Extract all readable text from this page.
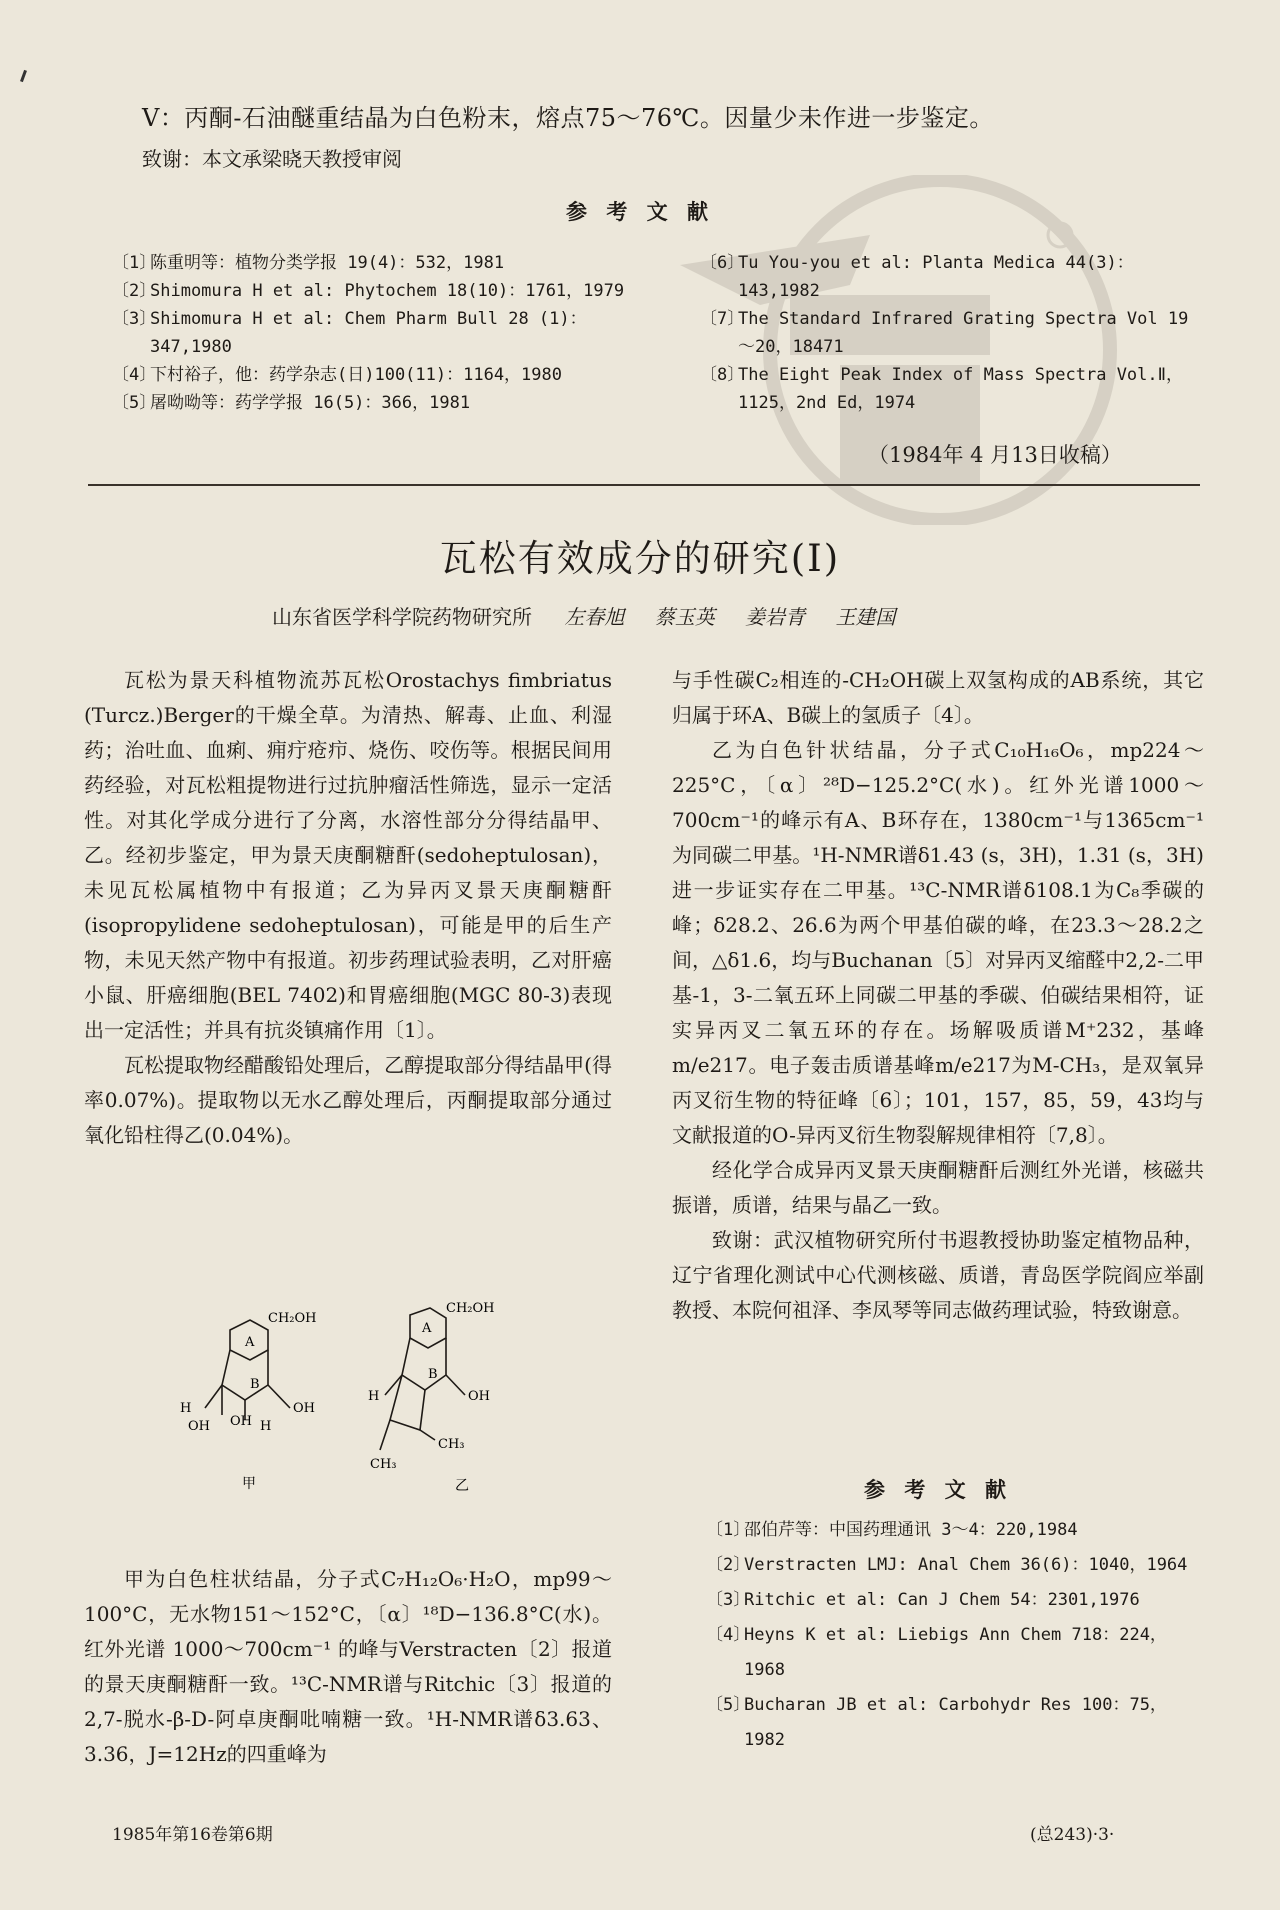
Ⅴ：丙酮-石油醚重结晶为白色粉末，熔点75～76℃。因量少未作进一步鉴定。
致谢：本文承梁晓天教授审阅
参 考 文 献
〔1〕
陈重明等：植物分类学报 19(4)：532，1981
〔2〕
Shimomura H et al: Phytochem 18(10)：1761，1979
〔3〕
Shimomura H et al: Chem Pharm Bull 28 (1)：347,1980
〔4〕
下村裕子，他：药学杂志(日)100(11)：1164，1980
〔5〕
屠呦呦等：药学学报 16(5)：366，1981
〔6〕
Tu You-you et al: Planta Medica 44(3)：143,1982
〔7〕
The Standard Infrared Grating Spectra Vol 19～20，18471
〔8〕
The Eight Peak Index of Mass Spectra Vol.Ⅱ，1125，2nd Ed，1974
（1984年 4 月13日收稿）
瓦松有效成分的研究(Ⅰ)
山东省医学科学院药物研究所 左春旭 蔡玉英 姜岩青 王建国

瓦松为景天科植物流苏瓦松Orostachys fimbriatus (Turcz.)Berger的干燥全草。为清热、解毒、止血、利湿药；治吐血、血痢、痈疔疮疖、烧伤、咬伤等。根据民间用药经验，对瓦松粗提物进行过抗肿瘤活性筛选，显示一定活性。对其化学成分进行了分离，水溶性部分分得结晶甲、乙。经初步鉴定，甲为景天庚酮糖酐(sedoheptulosan)，未见瓦松属植物中有报道；乙为异丙叉景天庚酮糖酐(isopropylidene sedoheptulosan)，可能是甲的后生产物，未见天然产物中有报道。初步药理试验表明，乙对肝癌小鼠、肝癌细胞(BEL 7402)和胃癌细胞(MGC 80-3)表现出一定活性；并具有抗炎镇痛作用〔1〕。

瓦松提取物经醋酸铅处理后，乙醇提取部分得结晶甲(得率0.07%)。提取物以无水乙醇处理后，丙酮提取部分通过氧化铅柱得乙(0.04%)。

A
B
CH₂OH
H	OH
OH OH H
甲
A
B
CH₂OH
H	OH
CH₃
CH₃
乙

甲为白色柱状结晶，分子式C₇H₁₂O₆·H₂O，mp99～100°C，无水物151～152°C，〔α〕¹⁸D−136.8°C(水)。红外光谱 1000～700cm⁻¹ 的峰与Verstracten〔2〕报道的景天庚酮糖酐一致。¹³C-NMR谱与Ritchic〔3〕报道的2,7-脱水-β-D-阿卓庚酮吡喃糖一致。¹H-NMR谱δ3.63、3.36，J=12Hz的四重峰为

与手性碳C₂相连的-CH₂OH碳上双氢构成的AB系统，其它归属于环A、B碳上的氢质子〔4〕。

乙为白色针状结晶，分子式C₁₀H₁₆O₆，mp224～225°C，〔α〕²⁸D−125.2°C(水)。红外光谱1000～700cm⁻¹的峰示有A、B环存在，1380cm⁻¹与1365cm⁻¹为同碳二甲基。¹H-NMR谱δ1.43 (s，3H)，1.31 (s，3H)进一步证实存在二甲基。¹³C-NMR谱δ108.1为C₈季碳的峰；δ28.2、26.6为两个甲基伯碳的峰，在23.3～28.2之间，△δ1.6，均与Buchanan〔5〕对异丙叉缩醛中2,2-二甲基-1，3-二氧五环上同碳二甲基的季碳、伯碳结果相符，证实异丙叉二氧五环的存在。场解吸质谱M⁺232，基峰m/e217。电子轰击质谱基峰m/e217为M-CH₃，是双氧异丙叉衍生物的特征峰〔6〕；101，157，85，59，43均与文献报道的O-异丙叉衍生物裂解规律相符〔7,8〕。

经化学合成异丙叉景天庚酮糖酐后测红外光谱，核磁共振谱，质谱，结果与晶乙一致。

致谢：武汉植物研究所付书遐教授协助鉴定植物品种，辽宁省理化测试中心代测核磁、质谱，青岛医学院阎应举副教授、本院何祖泽、李凤琴等同志做药理试验，特致谢意。

参 考 文 献
〔1〕
邵伯芹等：中国药理通讯 3～4：220,1984
〔2〕
Verstracten LMJ: Anal Chem 36(6)：1040，1964
〔3〕
Ritchic et al: Can J Chem 54：2301,1976
〔4〕
Heyns K et al: Liebigs Ann Chem 718：224，1968
〔5〕
Bucharan JB et al: Carbohydr Res 100：75，1982
1985年第16卷第6期	(总243)·3·
